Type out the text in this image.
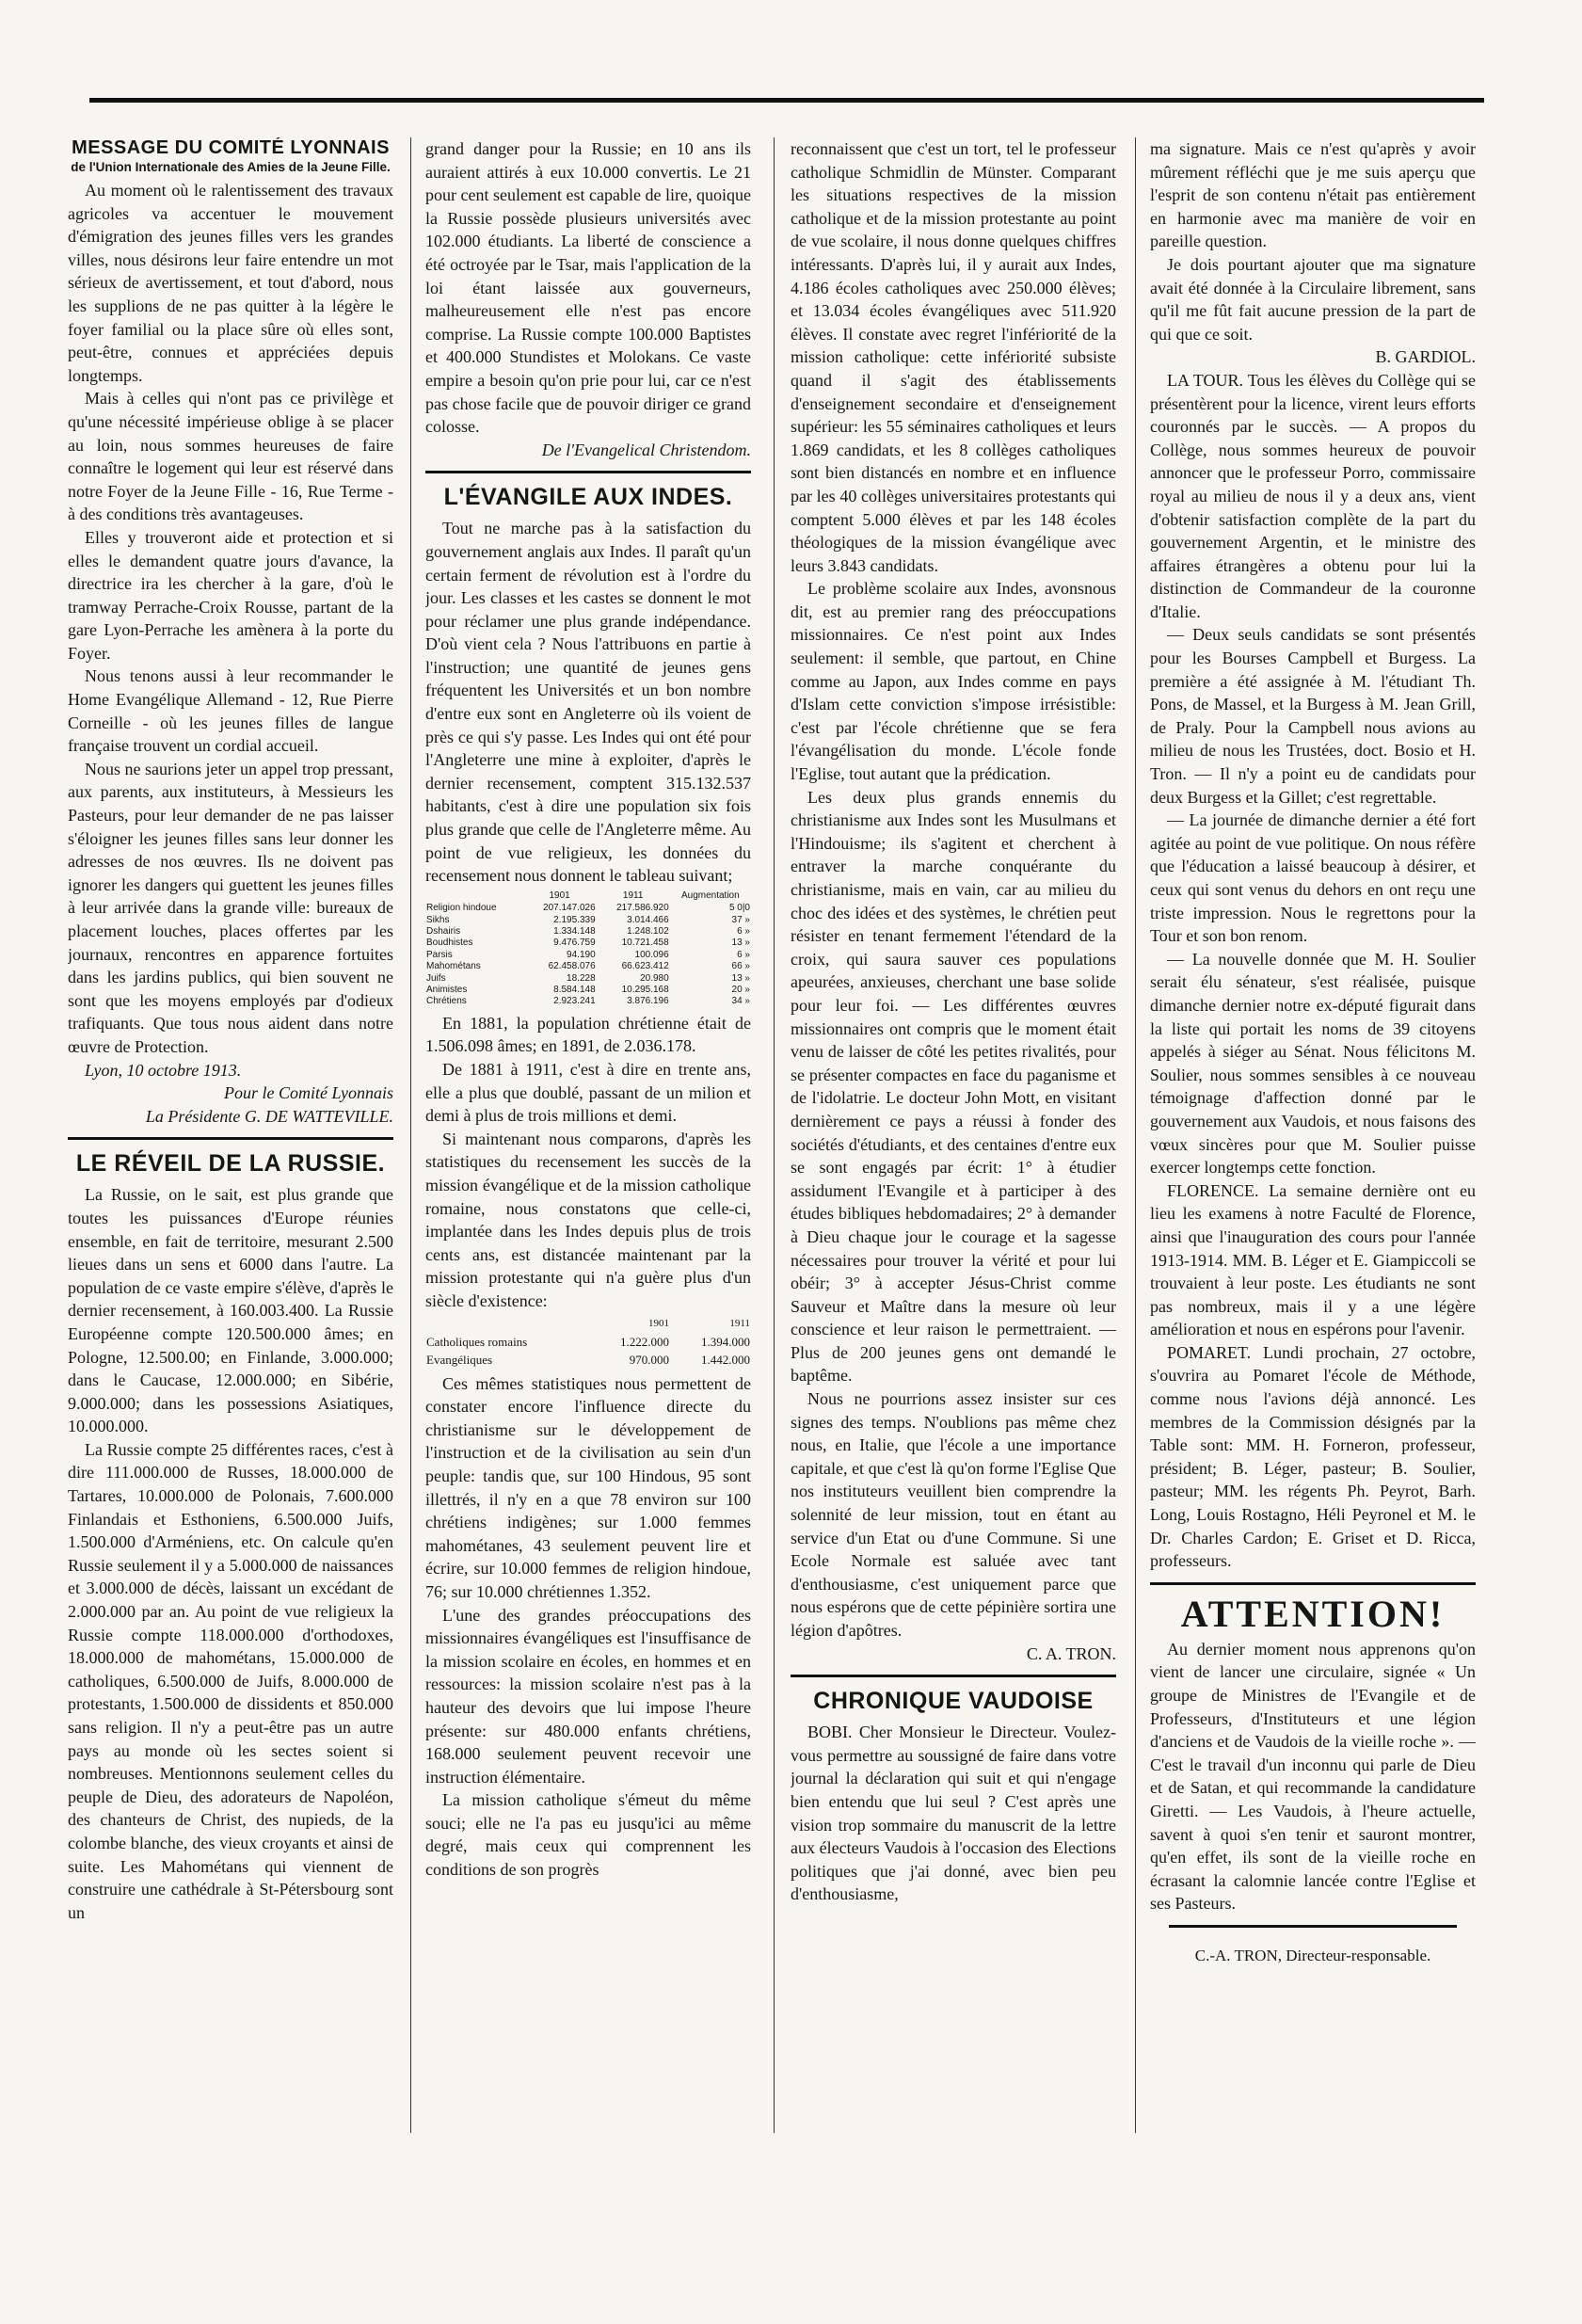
MESSAGE DU COMITÉ LYONNAIS
de l'Union Internationale des Amies de la Jeune Fille.

Au moment où le ralentissement des travaux agricoles va accentuer le mouvement d'émigration des jeunes filles vers les grandes villes, nous désirons leur faire entendre un mot sérieux de avertissement, et tout d'abord, nous les supplions de ne pas quitter à la légère le foyer familial ou la place sûre où elles sont, peut-être, connues et appréciées depuis longtemps.

Mais à celles qui n'ont pas ce privilège et qu'une nécessité impérieuse oblige à se placer au loin, nous sommes heureuses de faire connaître le logement qui leur est réservé dans notre Foyer de la Jeune Fille - 16, Rue Terme - à des conditions très avantageuses.

Elles y trouveront aide et protection et si elles le demandent quatre jours d'avance, la directrice ira les chercher à la gare, d'où le tramway Perrache-Croix Rousse, partant de la gare Lyon-Perrache les amènera à la porte du Foyer.

Nous tenons aussi à leur recommander le Home Evangélique Allemand - 12, Rue Pierre Corneille - où les jeunes filles de langue française trouvent un cordial accueil.

Nous ne saurions jeter un appel trop pressant, aux parents, aux instituteurs, à Messieurs les Pasteurs, pour leur demander de ne pas laisser s'éloigner les jeunes filles sans leur donner les adresses de nos œuvres. Ils ne doivent pas ignorer les dangers qui guettent les jeunes filles à leur arrivée dans la grande ville: bureaux de placement louches, places offertes par les journaux, rencontres en apparence fortuites dans les jardins publics, qui bien souvent ne sont que les moyens employés par d'odieux trafiquants. Que tous nous aident dans notre œuvre de Protection.

Lyon, 10 octobre 1913.

Pour le Comité Lyonnais
La Présidente G. DE WATTEVILLE.
LE RÉVEIL DE LA RUSSIE.

La Russie, on le sait, est plus grande que toutes les puissances d'Europe réunies ensemble, en fait de territoire, mesurant 2.500 lieues dans un sens et 6000 dans l'autre. La population de ce vaste empire s'élève, d'après le dernier recensement, à 160.003.400. La Russie Européenne compte 120.500.000 âmes; en Pologne, 12.500.00; en Finlande, 3.000.000; dans le Caucase, 12.000.000; en Sibérie, 9.000.000; dans les possessions Asiatiques, 10.000.000.

La Russie compte 25 différentes races, c'est à dire 111.000.000 de Russes, 18.000.000 de Tartares, 10.000.000 de Polonais, 7.600.000 Finlandais et Esthoniens, 6.500.000 Juifs, 1.500.000 d'Arméniens, etc. On calcule qu'en Russie seulement il y a 5.000.000 de naissances et 3.000.000 de décès, laissant un excédant de 2.000.000 par an. Au point de vue religieux la Russie compte 118.000.000 d'orthodoxes, 18.000.000 de mahométans, 15.000.000 de catholiques, 6.500.000 de Juifs, 8.000.000 de protestants, 1.500.000 de dissidents et 850.000 sans religion. Il n'y a peut-être pas un autre pays au monde où les sectes soient si nombreuses. Mentionnons seulement celles du peuple de Dieu, des adorateurs de Napoléon, des chanteurs de Christ, des nupieds, de la colombe blanche, des vieux croyants et ainsi de suite. Les Mahométans qui viennent de construire une cathédrale à St-Pétersbourg sont un

grand danger pour la Russie; en 10 ans ils auraient attirés à eux 10.000 convertis. Le 21 pour cent seulement est capable de lire, quoique la Russie possède plusieurs universités avec 102.000 étudiants. La liberté de conscience a été octroyée par le Tsar, mais l'application de la loi étant laissée aux gouverneurs, malheureusement elle n'est pas encore comprise. La Russie compte 100.000 Baptistes et 400.000 Stundistes et Molokans. Ce vaste empire a besoin qu'on prie pour lui, car ce n'est pas chose facile que de pouvoir diriger ce grand colosse.

De l'Evangelical Christendom.
L'ÉVANGILE AUX INDES.

Tout ne marche pas à la satisfaction du gouvernement anglais aux Indes. Il paraît qu'un certain ferment de révolution est à l'ordre du jour. Les classes et les castes se donnent le mot pour réclamer une plus grande indépendance. D'où vient cela ? Nous l'attribuons en partie à l'instruction; une quantité de jeunes gens fréquentent les Universités et un bon nombre d'entre eux sont en Angleterre où ils voient de près ce qui s'y passe. Les Indes qui ont été pour l'Angleterre une mine à exploiter, d'après le dernier recensement, comptent 315.132.537 habitants, c'est à dire une population six fois plus grande que celle de l'Angleterre même. Au point de vue religieux, les données du recensement nous donnent le tableau suivant;

	1901	1911	Augmentation
Religion hindoue	207.147.026	217.586.920	5 0|0
Sikhs	2.195.339	3.014.466	37 »
Dshairis	1.334.148	1.248.102	6 »
Boudhistes	9.476.759	10.721.458	13 »
Parsis	94.190	100.096	6 »
Mahométans	62.458.076	66.623.412	66 »
Juifs	18.228	20.980	13 »
Animistes	8.584.148	10.295.168	20 »
Chrétiens	2.923.241	3.876.196	34 »

En 1881, la population chrétienne était de 1.506.098 âmes; en 1891, de 2.036.178.

De 1881 à 1911, c'est à dire en trente ans, elle a plus que doublé, passant de un milion et demi à plus de trois millions et demi.

Si maintenant nous comparons, d'après les statistiques du recensement les succès de la mission évangélique et de la mission catholique romaine, nous constatons que celle-ci, implantée dans les Indes depuis plus de trois cents ans, est distancée maintenant par la mission protestante qui n'a guère plus d'un siècle d'existence:

	1901	1911
Catholiques romains	1.222.000	1.394.000
Evangéliques	970.000	1.442.000

Ces mêmes statistiques nous permettent de constater encore l'influence directe du christianisme sur le développement de l'instruction et de la civilisation au sein d'un peuple: tandis que, sur 100 Hindous, 95 sont illettrés, il n'y en a que 78 environ sur 100 chrétiens indigènes; sur 1.000 femmes mahométanes, 43 seulement peuvent lire et écrire, sur 10.000 femmes de religion hindoue, 76; sur 10.000 chrétiennes 1.352.

L'une des grandes préoccupations des missionnaires évangéliques est l'insuffisance de la mission scolaire en écoles, en hommes et en ressources: la mission scolaire n'est pas à la hauteur des devoirs que lui impose l'heure présente: sur 480.000 enfants chrétiens, 168.000 seulement peuvent recevoir une instruction élémentaire.

La mission catholique s'émeut du même souci; elle ne l'a pas eu jusqu'ici au même degré, mais ceux qui comprennent les conditions de son progrès

reconnaissent que c'est un tort, tel le professeur catholique Schmidlin de Münster. Comparant les situations respectives de la mission catholique et de la mission protestante au point de vue scolaire, il nous donne quelques chiffres intéressants. D'après lui, il y aurait aux Indes, 4.186 écoles catholiques avec 250.000 élèves; et 13.034 écoles évangéliques avec 511.920 élèves. Il constate avec regret l'infériorité de la mission catholique: cette infériorité subsiste quand il s'agit des établissements d'enseignement secondaire et d'enseignement supérieur: les 55 séminaires catholiques et leurs 1.869 candidats, et les 8 collèges catholiques sont bien distancés en nombre et en influence par les 40 collèges universitaires protestants qui comptent 5.000 élèves et par les 148 écoles théologiques de la mission évangélique avec leurs 3.843 candidats.

Le problème scolaire aux Indes, avonsnous dit, est au premier rang des préoccupations missionnaires. Ce n'est point aux Indes seulement: il semble, que partout, en Chine comme au Japon, aux Indes comme en pays d'Islam cette conviction s'impose irrésistible: c'est par l'école chrétienne que se fera l'évangélisation du monde. L'école fonde l'Eglise, tout autant que la prédication.

Les deux plus grands ennemis du christianisme aux Indes sont les Musulmans et l'Hindouisme; ils s'agitent et cherchent à entraver la marche conquérante du christianisme, mais en vain, car au milieu du choc des idées et des systèmes, le chrétien peut résister en tenant fermement l'étendard de la croix, qui saura sauver ces populations apeurées, anxieuses, cherchant une base solide pour leur foi. — Les différentes œuvres missionnaires ont compris que le moment était venu de laisser de côté les petites rivalités, pour se présenter compactes en face du paganisme et de l'idolatrie. Le docteur John Mott, en visitant dernièrement ce pays a réussi à fonder des sociétés d'étudiants, et des centaines d'entre eux se sont engagés par écrit: 1° à étudier assidument l'Evangile et à participer à des études bibliques hebdomadaires; 2° à demander à Dieu chaque jour le courage et la sagesse nécessaires pour trouver la vérité et pour lui obéir; 3° à accepter Jésus-Christ comme Sauveur et Maître dans la mesure où leur conscience et leur raison le permettraient. — Plus de 200 jeunes gens ont demandé le baptême.

Nous ne pourrions assez insister sur ces signes des temps. N'oublions pas même chez nous, en Italie, que l'école a une importance capitale, et que c'est là qu'on forme l'Eglise Que nos instituteurs veuillent bien comprendre la solennité de leur mission, tout en étant au service d'un Etat ou d'une Commune. Si une Ecole Normale est saluée avec tant d'enthousiasme, c'est uniquement parce que nous espérons que de cette pépinière sortira une légion d'apôtres.

C. A. TRON.
CHRONIQUE VAUDOISE

BOBI. Cher Monsieur le Directeur. Voulez-vous permettre au soussigné de faire dans votre journal la déclaration qui suit et qui n'engage bien entendu que lui seul ? C'est après une vision trop sommaire du manuscrit de la lettre aux électeurs Vaudois à l'occasion des Elections politiques que j'ai donné, avec bien peu d'enthousiasme,

ma signature. Mais ce n'est qu'après y avoir mûrement réfléchi que je me suis aperçu que l'esprit de son contenu n'était pas entièrement en harmonie avec ma manière de voir en pareille question.

Je dois pourtant ajouter que ma signature avait été donnée à la Circulaire librement, sans qu'il me fût fait aucune pression de la part de qui que ce soit.

B. GARDIOL.

LA TOUR. Tous les élèves du Collège qui se présentèrent pour la licence, virent leurs efforts couronnés par le succès. — A propos du Collège, nous sommes heureux de pouvoir annoncer que le professeur Porro, commissaire royal au milieu de nous il y a deux ans, vient d'obtenir satisfaction complète de la part du gouvernement Argentin, et le ministre des affaires étrangères a obtenu pour lui la distinction de Commandeur de la couronne d'Italie.

— Deux seuls candidats se sont présentés pour les Bourses Campbell et Burgess. La première a été assignée à M. l'étudiant Th. Pons, de Massel, et la Burgess à M. Jean Grill, de Praly. Pour la Campbell nous avions au milieu de nous les Trustées, doct. Bosio et H. Tron. — Il n'y a point eu de candidats pour deux Burgess et la Gillet; c'est regrettable.

— La journée de dimanche dernier a été fort agitée au point de vue politique. On nous réfère que l'éducation a laissé beaucoup à désirer, et ceux qui sont venus du dehors en ont reçu une triste impression. Nous le regrettons pour la Tour et son bon renom.

— La nouvelle donnée que M. H. Soulier serait élu sénateur, s'est réalisée, puisque dimanche dernier notre ex-député figurait dans la liste qui portait les noms de 39 citoyens appelés à siéger au Sénat. Nous félicitons M. Soulier, nous sommes sensibles à ce nouveau témoignage d'affection donné par le gouvernement aux Vaudois, et nous faisons des vœux sincères pour que M. Soulier puisse exercer longtemps cette fonction.

FLORENCE. La semaine dernière ont eu lieu les examens à notre Faculté de Florence, ainsi que l'inauguration des cours pour l'année 1913-1914. MM. B. Léger et E. Giampiccoli se trouvaient à leur poste. Les étudiants ne sont pas nombreux, mais il y a une légère amélioration et nous en espérons pour l'avenir.

POMARET. Lundi prochain, 27 octobre, s'ouvrira au Pomaret l'école de Méthode, comme nous l'avions déjà annoncé. Les membres de la Commission désignés par la Table sont: MM. H. Forneron, professeur, président; B. Léger, pasteur; B. Soulier, pasteur; MM. les régents Ph. Peyrot, Barh. Long, Louis Rostagno, Héli Peyronel et M. le Dr. Charles Cardon; E. Griset et D. Ricca, professeurs.

ATTENTION!

Au dernier moment nous apprenons qu'on vient de lancer une circulaire, signée « Un groupe de Ministres de l'Evangile et de Professeurs, d'Instituteurs et une légion d'anciens et de Vaudois de la vieille roche ». — C'est le travail d'un inconnu qui parle de Dieu et de Satan, et qui recommande la candidature Giretti. — Les Vaudois, à l'heure actuelle, savent à quoi s'en tenir et sauront montrer, qu'en effet, ils sont de la vieille roche en écrasant la calomnie lancée contre l'Eglise et ses Pasteurs.

C.-A. TRON, Directeur-responsable.
